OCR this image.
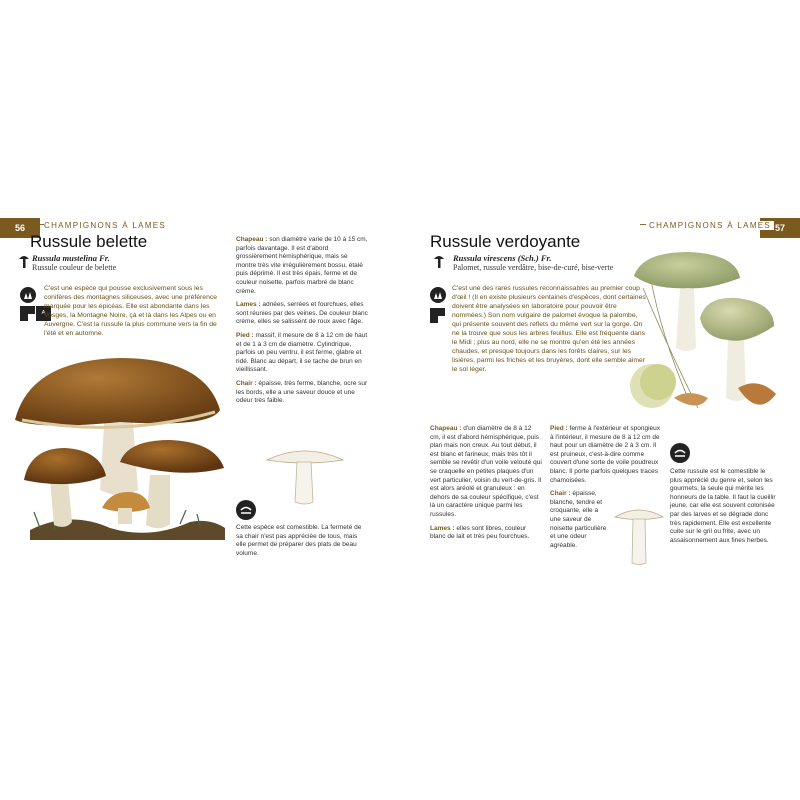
56	CHAMPIGNONS À LAMES
Russule belette
Russula mustelina Fr.
Russule couleur de belette
A
C'est une espèce qui pousse exclusivement sous les conifères des montagnes siliceuses, avec une préférence marquée pour les épicéas. Elle est abondante dans les Vosges, la Montagne Noire, çà et là dans les Alpes ou en Auvergne. C'est la russule la plus commune vers la fin de l'été et en automne.

Chapeau : son diamètre varie de 10 à 15 cm, parfois davantage. Il est d'abord grossièrement hémisphérique, mais se montre très vite irrégulièrement bossu, étalé puis déprimé. Il est très épais, ferme et de couleur noisette, parfois marbré de blanc crème.

Lames : adnées, serrées et fourchues, elles sont réunies par des veines. De couleur blanc crème, elles se salissent de roux avec l'âge.

Pied : massif, il mesure de 8 à 12 cm de haut et de 1 à 3 cm de diamètre. Cylindrique, parfois un peu ventru, il est ferme, glabre et ridé. Blanc au départ, il se tache de brun en vieillissant.

Chair : épaisse, très ferme, blanche, ocre sur les bords, elle a une saveur douce et une odeur très faible.

Cette espèce est comestible. La fermeté de sa chair n'est pas appréciée de tous, mais elle permet de préparer des plats de beau volume.
57
CHAMPIGNONS À LAMES
Russule verdoyante
Russula virescens (Sch.) Fr.
Palomet, russule verdâtre, bise-de-curé, bise-verte
C'est une des rares russules reconnaissables au premier coup d'œil ! (Il en existe plusieurs centaines d'espèces, dont certaines doivent être analysées en laboratoire pour pouvoir être nommées.) Son nom vulgaire de palomet évoque la palombe, qui présente souvent des reflets du même vert sur la gorge. On ne la trouve que sous les arbres feuillus. Elle est fréquente dans le Midi ; plus au nord, elle ne se montre qu'en été les années chaudes, et presque toujours dans les forêts claires, sur les lisières, parmi les friches et les bruyères, dont elle semble aimer le sol léger.

Chapeau : d'un diamètre de 8 à 12 cm, il est d'abord hémisphérique, puis plan mais non creux. Au tout début, il est blanc et farineux, mais très tôt il semble se revêtir d'un voile velouté qui se craquelle en petites plaques d'un vert particulier, voisin du vert-de-gris. Il est alors aréolé et granuleux : en dehors de sa couleur spécifique, c'est là un caractère unique parmi les russules.

Lames : elles sont libres, couleur blanc de lait et très peu fourchues.

Pied : ferme à l'extérieur et spongieux à l'intérieur, il mesure de 8 à 12 cm de haut pour un diamètre de 2 à 3 cm. Il est pruineux, c'est-à-dire comme couvert d'une sorte de voile poudreux blanc. Il porte parfois quelques traces chamoisées.

Chair : épaisse, blanche, tendre et croquante, elle a une saveur de noisette particulière et une odeur agréable.

Cette russule est le comestible le plus apprécié du genre et, selon les gourmets, la seule qui mérite les honneurs de la table. Il faut la cueillir jeune, car elle est souvent colonisée par des larves et se dégrade donc très rapidement. Elle est excellente cuite sur le gril ou frite, avec un assaisonnement aux fines herbes.
